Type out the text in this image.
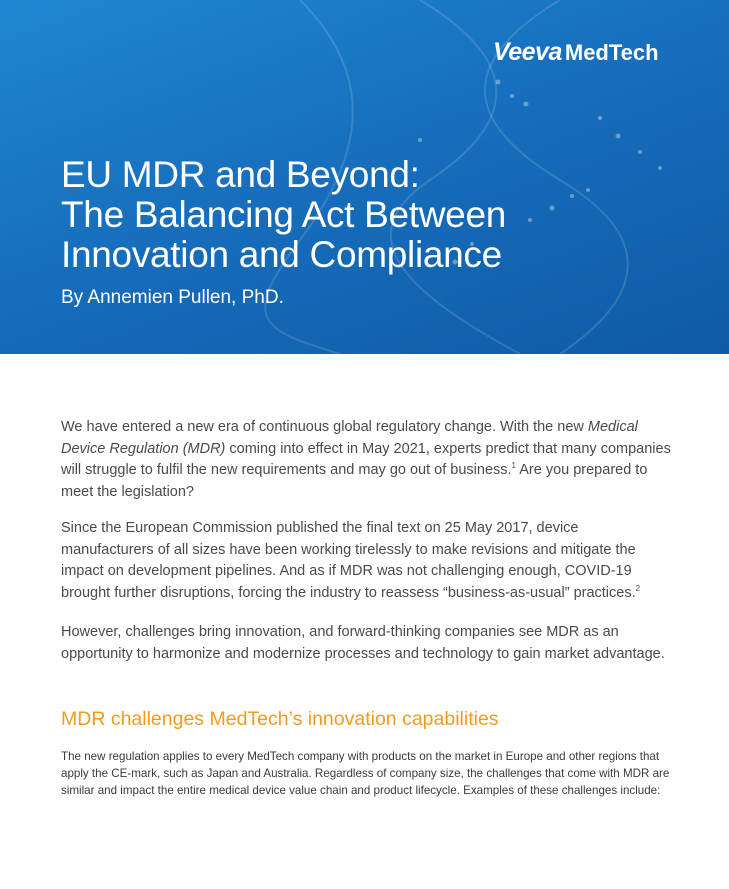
Veeva MedTech
EU MDR and Beyond:
The Balancing Act Between
Innovation and Compliance

By Annemien Pullen, PhD.

We have entered a new era of continuous global regulatory change. With the new Medical Device Regulation (MDR) coming into effect in May 2021, experts predict that many companies will struggle to fulfil the new requirements and may go out of business.$^1$ Are you prepared to meet the legislation?

Since the European Commission published the final text on 25 May 2017, device manufacturers of all sizes have been working tirelessly to make revisions and mitigate the impact on development pipelines. And as if MDR was not challenging enough, COVID-19 brought further disruptions, forcing the industry to reassess “business-as-usual” practices.$^2$

However, challenges bring innovation, and forward-thinking companies see MDR as an opportunity to harmonize and modernize processes and technology to gain market advantage.

MDR challenges MedTech’s innovation capabilities

The new regulation applies to every MedTech company with products on the market in Europe and other regions that apply the CE-mark, such as Japan and Australia. Regardless of company size, the challenges that come with MDR are similar and impact the entire medical device value chain and product lifecycle. Examples of these challenges include:
